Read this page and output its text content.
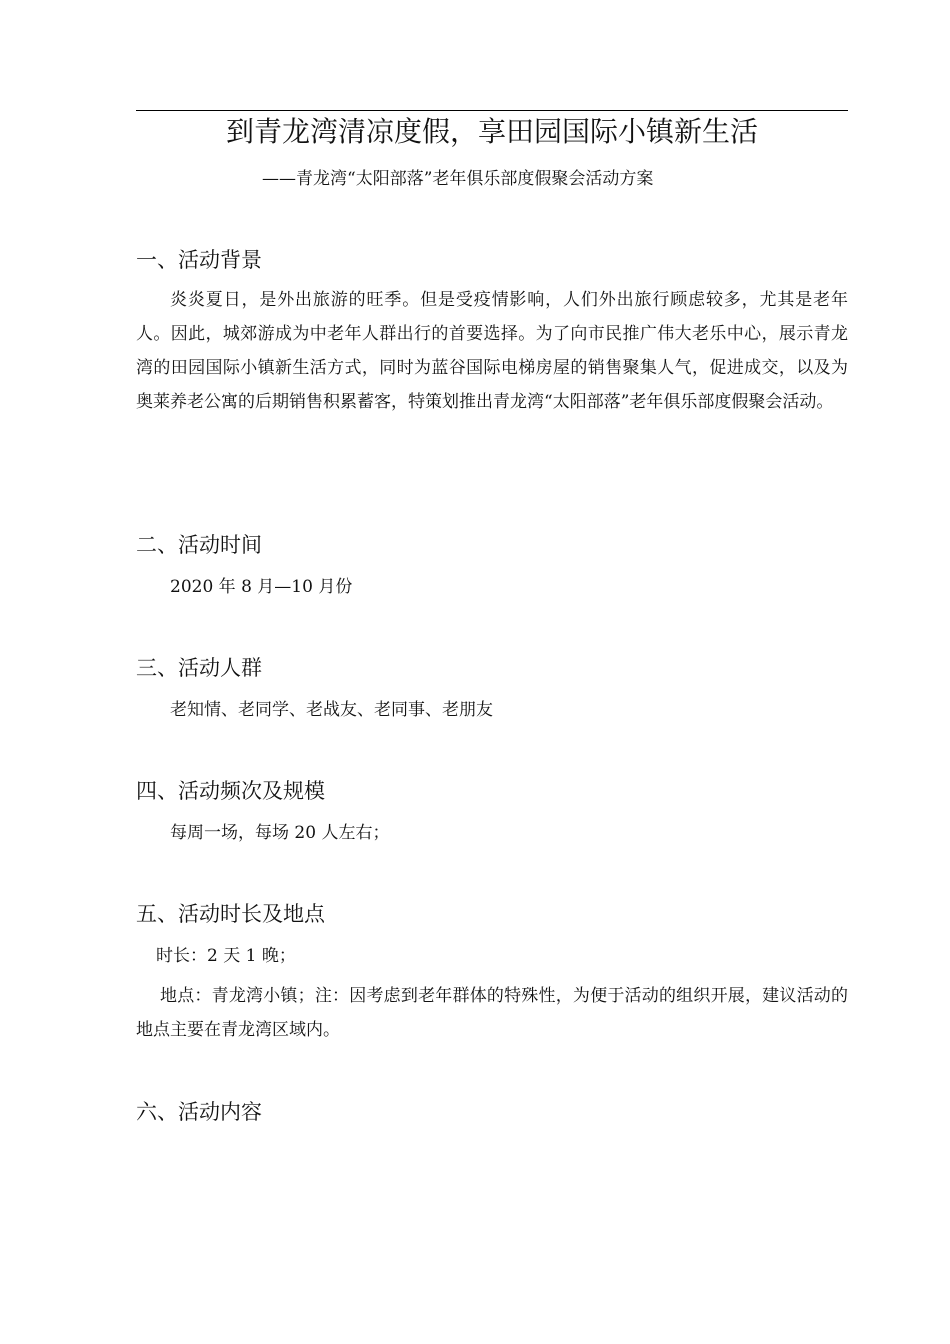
到青龙湾清凉度假，享田园国际小镇新生活
——青龙湾“太阳部落”老年俱乐部度假聚会活动方案
一、活动背景
炎炎夏日，是外出旅游的旺季。但是受疫情影响，人们外出旅行顾虑较多，尤其是老年人。因此，城郊游成为中老年人群出行的首要选择。为了向市民推广伟大老乐中心，展示青龙湾的田园国际小镇新生活方式，同时为蓝谷国际电梯房屋的销售聚集人气，促进成交，以及为奥莱养老公寓的后期销售积累蓄客，特策划推出青龙湾“太阳部落”老年俱乐部度假聚会活动。
二、活动时间
2020 年 8 月—10 月份
三、活动人群
老知情、老同学、老战友、老同事、老朋友
四、活动频次及规模
每周一场，每场 20 人左右；
五、活动时长及地点
时长：2 天 1 晚；
地点：青龙湾小镇；注：因考虑到老年群体的特殊性，为便于活动的组织开展，建议活动的地点主要在青龙湾区域内。
六、活动内容
